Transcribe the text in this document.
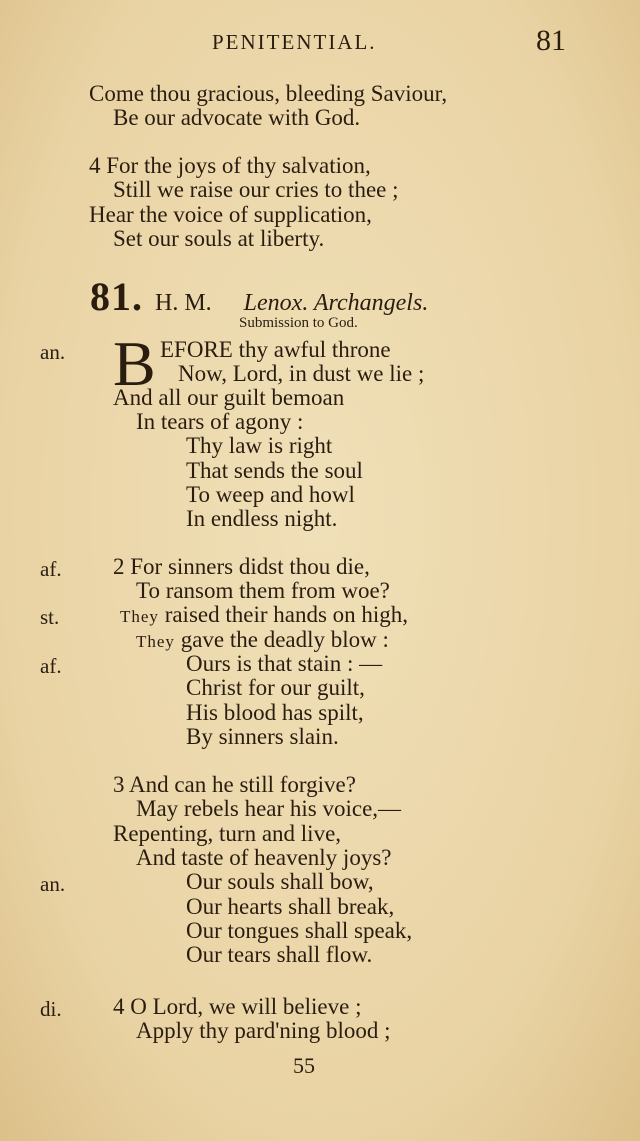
PENITENTIAL.	81
Come thou gracious, bleeding Saviour,
Be our advocate with God.
4 For the joys of thy salvation,
Still we raise our cries to thee ;
Hear the voice of supplication,
Set our souls at liberty.
81. H. M. Lenox. Archangels.
Submission to God.
an. B EFORE thy awful throne
Now, Lord, in dust we lie ;
And all our guilt bemoan
In tears of agony :
Thy law is right
That sends the soul
To weep and howl
In endless night.
af. 2 For sinners didst thou die,
To ransom them from woe?
st.	They raised their hands on high,
They gave the deadly blow :
af.	Ours is that stain : —
Christ for our guilt,
His blood has spilt,
By sinners slain.
3 And can he still forgive?
May rebels hear his voice,—
Repenting, turn and live,
And taste of heavenly joys?
an.	Our souls shall bow,
Our hearts shall break,
Our tongues shall speak,
Our tears shall flow.
di. 4 O Lord, we will believe ;
Apply thy pard'ning blood ;
55
